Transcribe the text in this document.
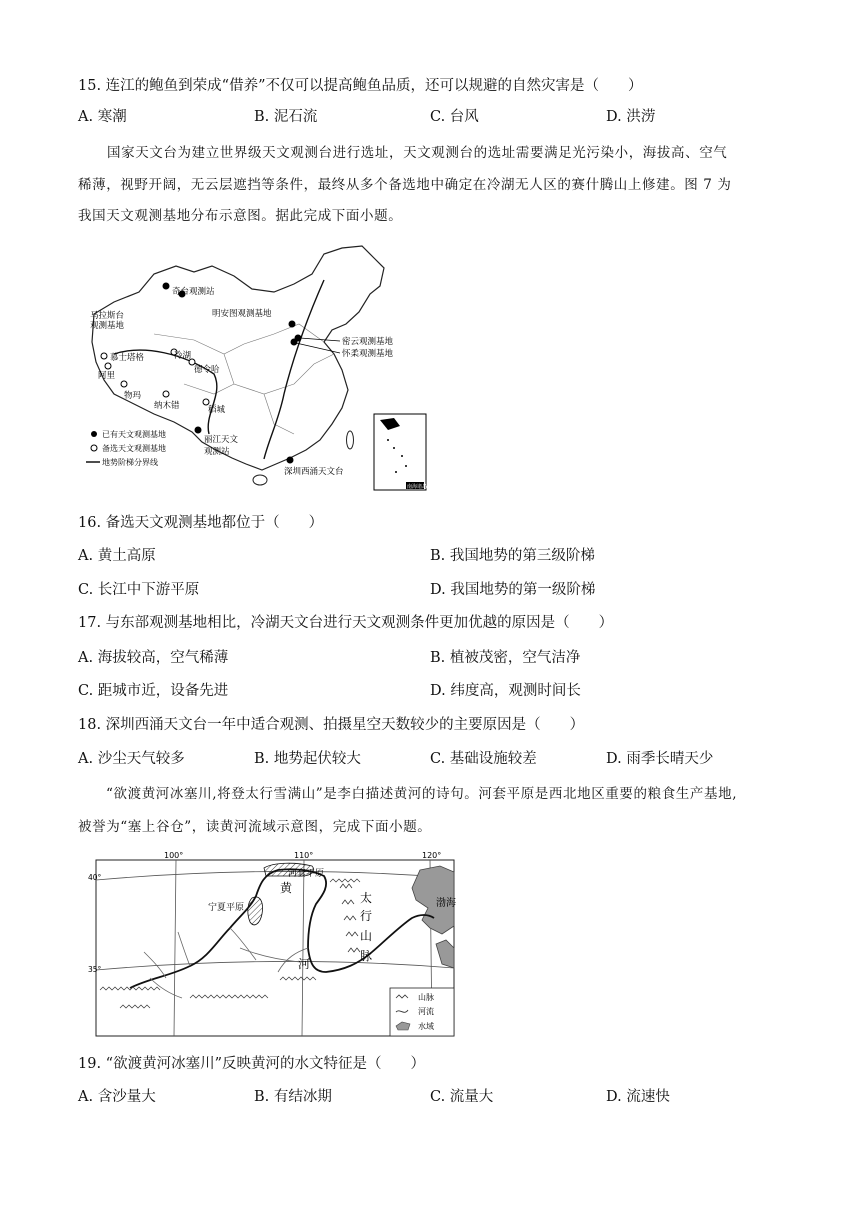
15. 连江的鲍鱼到荣成“借养”不仅可以提高鲍鱼品质，还可以规避的自然灾害是（　　）
A. 寒潮	B. 泥石流	C. 台风	D. 洪涝
国家天文台为建立世界级天文观测台进行选址，天文观测台的选址需要满足光污染小，海拔高、空气
稀薄，视野开阔，无云层遮挡等条件，最终从多个备选地中确定在冷湖无人区的赛什腾山上修建。图 7 为
我国天文观测基地分布示意图。据此完成下面小题。
奇台观测站
马拉斯台
观测基地
明安图观测基地
密云观测基地
怀柔观测基地
慕士塔格
阿里
物玛
冷湖
德令哈
纳木错	稻城
丽江天文
观测站
深圳西涌天文台
已有天文观测基地
备选天文观测基地
地势阶梯分界线
南海诸岛
16. 备选天文观测基地都位于（　　）
A. 黄土高原	B. 我国地势的第三级阶梯
C. 长江中下游平原	D. 我国地势的第一级阶梯
17. 与东部观测基地相比，冷湖天文台进行天文观测条件更加优越的原因是（　　）
A. 海拔较高，空气稀薄	B. 植被茂密，空气洁净
C. 距城市近，设备先进	D. 纬度高，观测时间长
18. 深圳西涌天文台一年中适合观测、拍摄星空天数较少的主要原因是（　　）
A. 沙尘天气较多	B. 地势起伏较大	C. 基础设施较差	D. 雨季长晴天少
“欲渡黄河冰塞川,将登太行雪满山”是李白描述黄河的诗句。河套平原是西北地区重要的粮食生产基地,
被誉为“塞上谷仓”，读黄河流域示意图，完成下面小题。
100°	110°	120°
40°
35°
渤海
河套平原
宁夏平原
黄
河
太
行
山
脉
山脉
河流
水域
19. “欲渡黄河冰塞川”反映黄河的水文特征是（　　）
A. 含沙量大	B. 有结冰期	C. 流量大	D. 流速快
